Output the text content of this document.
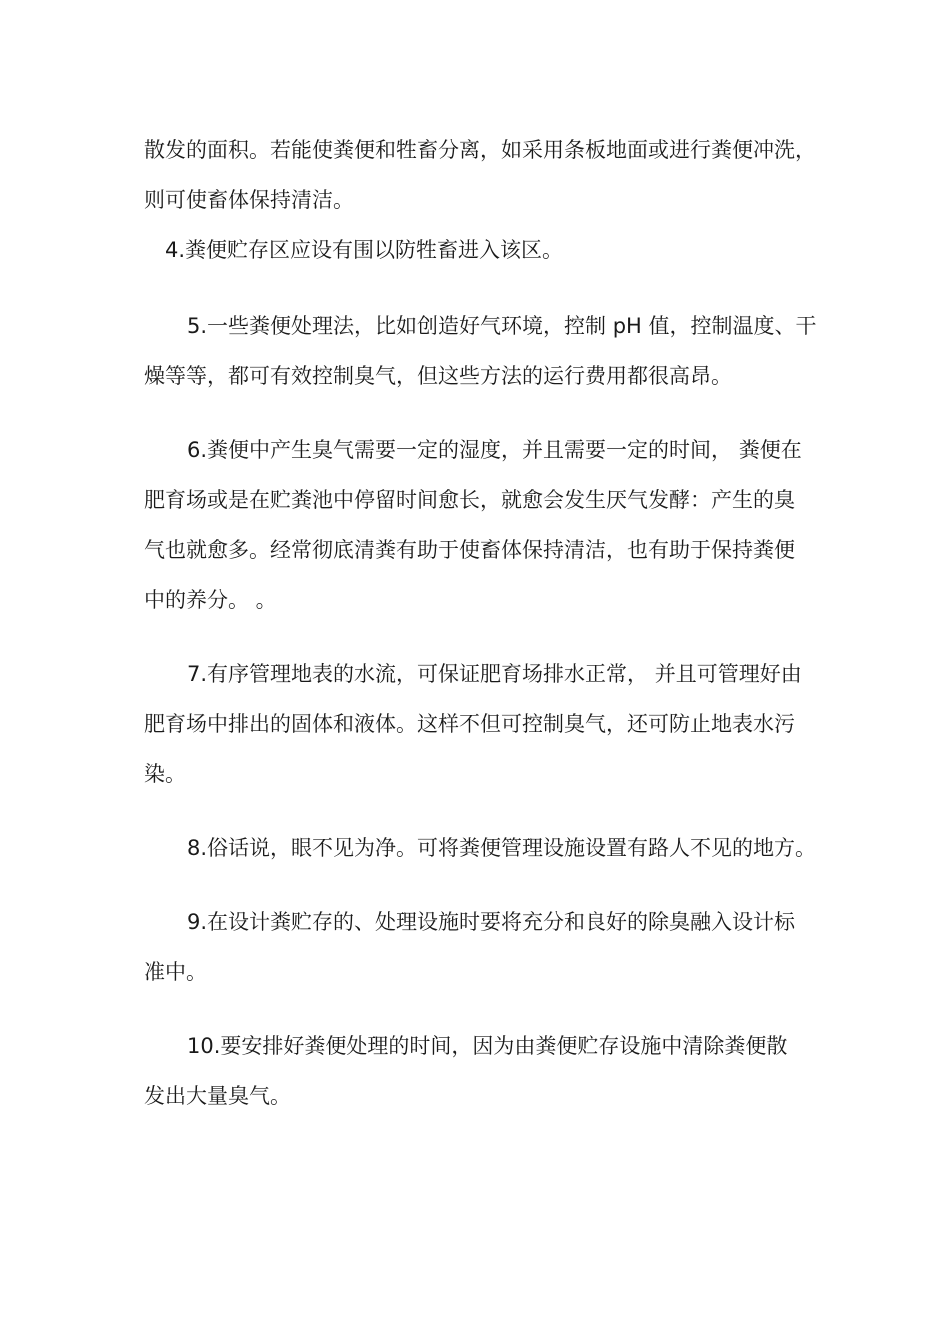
散发的面积。若能使粪便和牲畜分离，如采用条板地面或进行粪便冲洗，
则可使畜体保持清洁。
4.粪便贮存区应设有围以防牲畜进入该区。
5.一些粪便处理法，比如创造好气环境，控制 pH 值，控制温度、干
燥等等，都可有效控制臭气，但这些方法的运行费用都很高昂。
6.粪便中产生臭气需要一定的湿度，并且需要一定的时间， 粪便在
肥育场或是在贮粪池中停留时间愈长，就愈会发生厌气发酵：产生的臭
气也就愈多。经常彻底清粪有助于使畜体保持清洁，也有助于保持粪便
中的养分。 。
7.有序管理地表的水流，可保证肥育场排水正常， 并且可管理好由
肥育场中排出的固体和液体。这样不但可控制臭气，还可防止地表水污
染。
8.俗话说，眼不见为净。可将粪便管理设施设置有路人不见的地方。
9.在设计粪贮存的、处理设施时要将充分和良好的除臭融入设计标
准中。
10.要安排好粪便处理的时间，因为由粪便贮存设施中清除粪便散
发出大量臭气。
